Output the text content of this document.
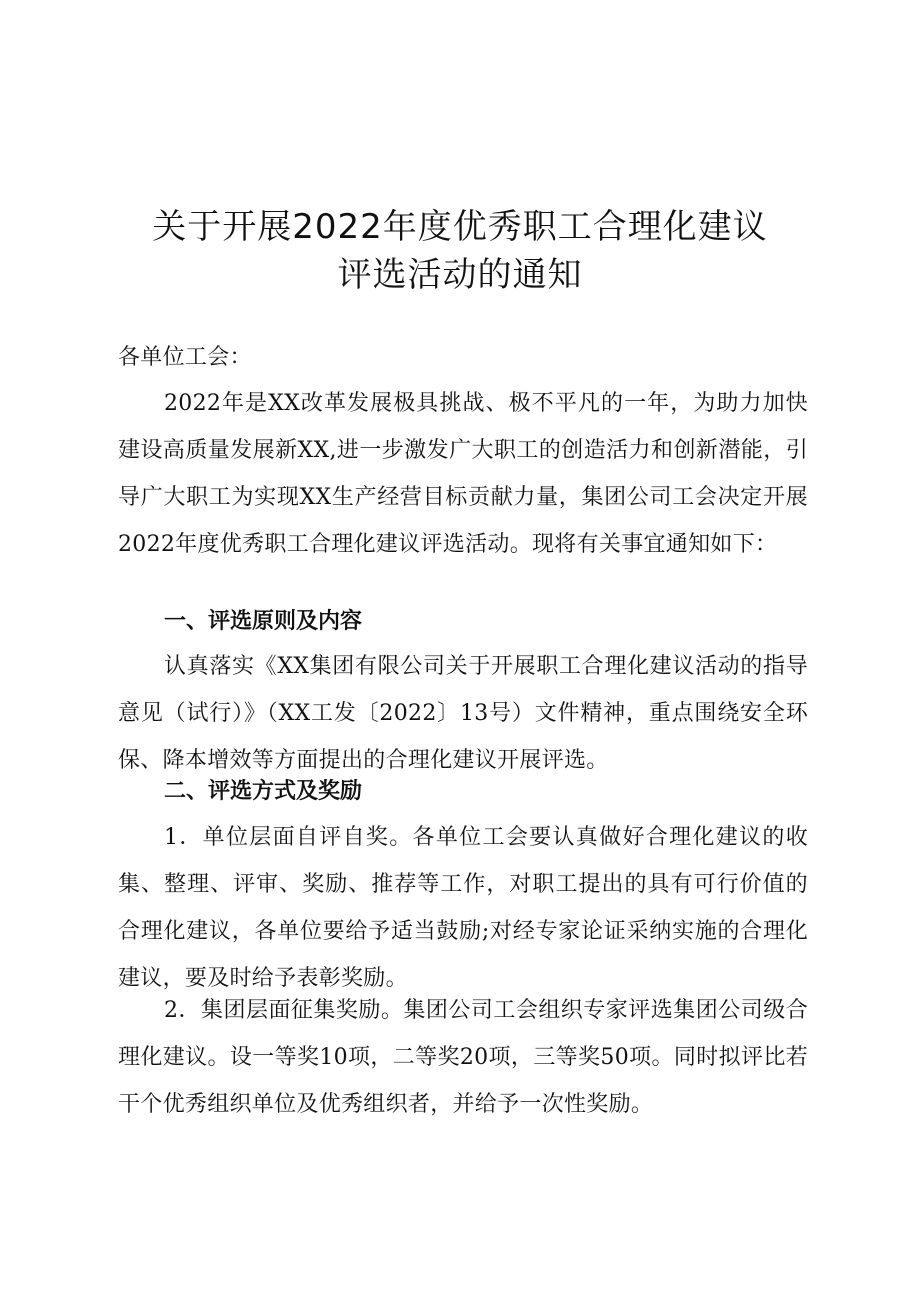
关于开展2022年度优秀职工合理化建议
评选活动的通知

各单位工会：

2022年是XX改革发展极具挑战、极不平凡的一年，为助力加快建设高质量发展新XX,进一步激发广大职工的创造活力和创新潜能，引导广大职工为实现XX生产经营目标贡献力量，集团公司工会决定开展2022年度优秀职工合理化建议评选活动。现将有关事宜通知如下：

一、评选原则及内容

认真落实《XX集团有限公司关于开展职工合理化建议活动的指导意见（试行）》（XX工发〔2022〕13号）文件精神，重点围绕安全环保、降本增效等方面提出的合理化建议开展评选。

二、评选方式及奖励

1．单位层面自评自奖。各单位工会要认真做好合理化建议的收集、整理、评审、奖励、推荐等工作，对职工提出的具有可行价值的合理化建议，各单位要给予适当鼓励;对经专家论证采纳实施的合理化建议，要及时给予表彰奖励。

2．集团层面征集奖励。集团公司工会组织专家评选集团公司级合理化建议。设一等奖10项，二等奖20项，三等奖50项。同时拟评比若干个优秀组织单位及优秀组织者，并给予一次性奖励。
